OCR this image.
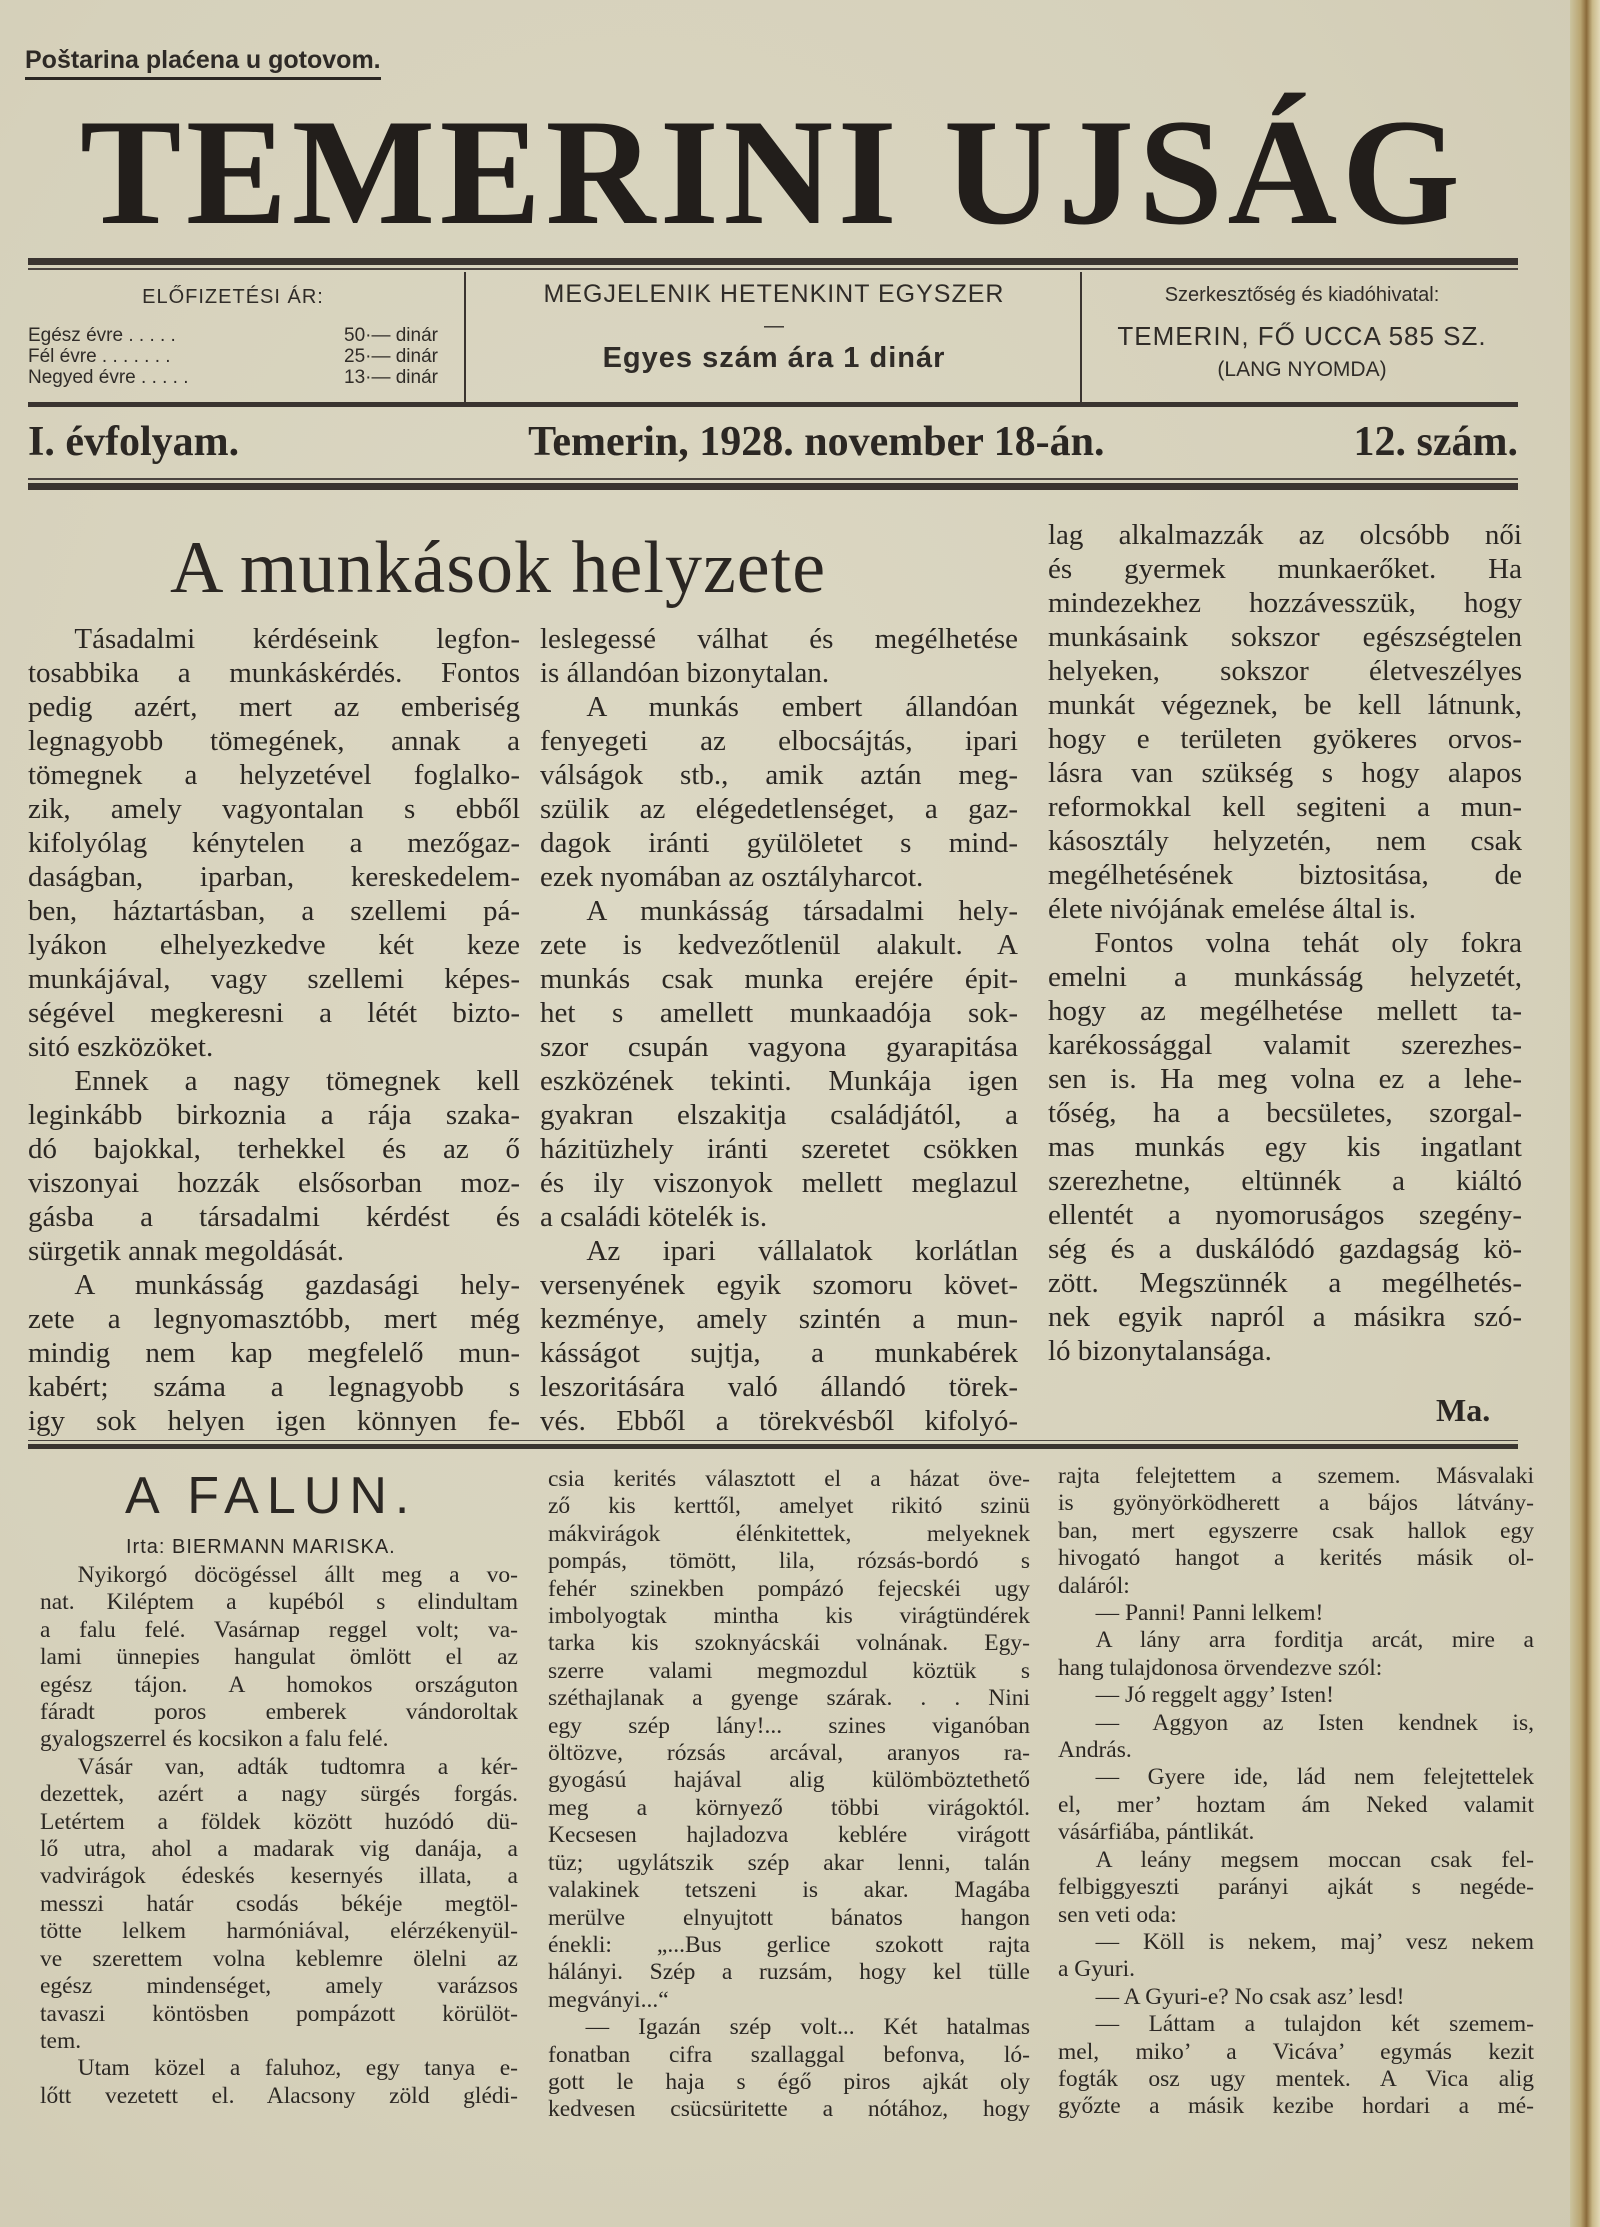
Poštarina plaćena u gotovom.
T E M E R I N I
U J S Á G
ELŐFIZETÉSI ÁR:
Egész évre . . . . .	50·— dinár
Fél évre . . . . . . .	25·— dinár
Negyed évre . . . . .	13·— dinár
MEGJELENIK HETENKINT EGYSZER
—
Egyes szám ára 1 dinár
Szerkesztőség és kiadóhivatal:
TEMERIN, FŐ UCCA 585 SZ.
(LANG NYOMDA)
I. évfolyam.	Temerin, 1928. november 18-án.	12. szám.
A munkások helyzete
Tásadalmi kérdéseink legfon-
tosabbika a munkáskérdés. Fontos
pedig azért, mert az emberiség
legnagyobb tömegének, annak a
tömegnek a helyzetével foglalko-
zik, amely vagyontalan s ebből
kifolyólag kénytelen a mezőgaz-
daságban, iparban, kereskedelem-
ben, háztartásban, a szellemi pá-
lyákon elhelyezkedve két keze
munkájával, vagy szellemi képes-
ségével megkeresni a létét bizto-
sitó eszközöket.
Ennek a nagy tömegnek kell
leginkább birkoznia a rája szaka-
dó bajokkal, terhekkel és az ő
viszonyai hozzák elsősorban moz-
gásba a társadalmi kérdést és
sürgetik annak megoldását.
A munkásság gazdasági hely-
zete a legnyomasztóbb, mert még
mindig nem kap megfelelő mun-
kabért; száma a legnagyobb s
igy sok helyen igen könnyen fe-
leslegessé válhat és megélhetése
is állandóan bizonytalan.
A munkás embert állandóan
fenyegeti az elbocsájtás, ipari
válságok stb., amik aztán meg-
szülik az elégedetlenséget, a gaz-
dagok iránti gyülöletet s mind-
ezek nyomában az osztályharcot.
A munkásság társadalmi hely-
zete is kedvezőtlenül alakult. A
munkás csak munka erejére épit-
het s amellett munkaadója sok-
szor csupán vagyona gyarapitása
eszközének tekinti. Munkája igen
gyakran elszakitja családjától, a
házitüzhely iránti szeretet csökken
és ily viszonyok mellett meglazul
a családi kötelék is.
Az ipari vállalatok korlátlan
versenyének egyik szomoru követ-
kezménye, amely szintén a mun-
kásságot sujtja, a munkabérek
leszoritására való állandó törek-
vés. Ebből a törekvésből kifolyó-
lag alkalmazzák az olcsóbb női
és gyermek munkaerőket. Ha
mindezekhez hozzávesszük, hogy
munkásaink sokszor egészségtelen
helyeken, sokszor életveszélyes
munkát végeznek, be kell látnunk,
hogy e területen gyökeres orvos-
lásra van szükség s hogy alapos
reformokkal kell segiteni a mun-
kásosztály helyzetén, nem csak
megélhetésének biztositása, de
élete nivójának emelése által is.
Fontos volna tehát oly fokra
emelni a munkásság helyzetét,
hogy az megélhetése mellett ta-
karékossággal valamit szerezhes-
sen is. Ha meg volna ez a lehe-
tőség, ha a becsületes, szorgal-
mas munkás egy kis ingatlant
szerezhetne, eltünnék a kiáltó
ellentét a nyomoruságos szegény-
ség és a duskálódó gazdagság kö-
zött. Megszünnék a megélhetés-
nek egyik napról a másikra szó-
ló bizonytalansága.
Ma.
A FALUN.
Irta: BIERMANN MARISKA.
Nyikorgó döcögéssel állt meg a vo-
nat. Kiléptem a kupéból s elindultam
a falu felé. Vasárnap reggel volt; va-
lami ünnepies hangulat ömlött el az
egész tájon. A homokos országuton
fáradt poros emberek vándoroltak
gyalogszerrel és kocsikon a falu felé.
Vásár van, adták tudtomra a kér-
dezettek, azért a nagy sürgés forgás.
Letértem a földek között huzódó dü-
lő utra, ahol a madarak vig danája, a
vadvirágok édeskés kesernyés illata, a
messzi határ csodás békéje megtöl-
tötte lelkem harmóniával, elérzékenyül-
ve szerettem volna keblemre ölelni az
egész mindenséget, amely varázsos
tavaszi köntösben pompázott körülöt-
tem.
Utam közel a faluhoz, egy tanya e-
lőtt vezetett el. Alacsony zöld glédi-
csia kerités választott el a házat öve-
ző kis kerttől, amelyet rikitó szinü
mákvirágok élénkitettek, melyeknek
pompás, tömött, lila, rózsás-bordó s
fehér szinekben pompázó fejecskéi ugy
imbolyogtak mintha kis virágtündérek
tarka kis szoknyácskái volnának. Egy-
szerre valami megmozdul köztük s
széthajlanak a gyenge szárak. . . Nini
egy szép lány!... szines viganóban
öltözve, rózsás arcával, aranyos ra-
gyogású hajával alig külömböztethető
meg a környező többi virágoktól.
Kecsesen hajladozva keblére virágott
tüz; ugylátszik szép akar lenni, talán
valakinek tetszeni is akar. Magába
merülve elnyujtott bánatos hangon
énekli: „...Bus gerlice szokott rajta
hálányi. Szép a ruzsám, hogy kel tülle
megványi...“
— Igazán szép volt... Két hatalmas
fonatban cifra szallaggal befonva, ló-
gott le haja s égő piros ajkát oly
kedvesen csücsüritette a nótához, hogy
rajta felejtettem a szemem. Másvalaki
is gyönyörködherett a bájos látvány-
ban, mert egyszerre csak hallok egy
hivogató hangot a kerités másik ol-
daláról:
— Panni! Panni lelkem!
A lány arra forditja arcát, mire a
hang tulajdonosa örvendezve szól:
— Jó reggelt aggy’ Isten!
— Aggyon az Isten kendnek is,
András.
— Gyere ide, lád nem felejtettelek
el, mer’ hoztam ám Neked valamit
vásárfiába, pántlikát.
A leány megsem moccan csak fel-
felbiggyeszti parányi ajkát s negéde-
sen veti oda:
— Köll is nekem, maj’ vesz nekem
a Gyuri.
— A Gyuri-e? No csak asz’ lesd!
— Láttam a tulajdon két szemem-
mel, miko’ a Vicáva’ egymás kezit
fogták osz ugy mentek. A Vica alig
győzte a másik kezibe hordari a mé-
